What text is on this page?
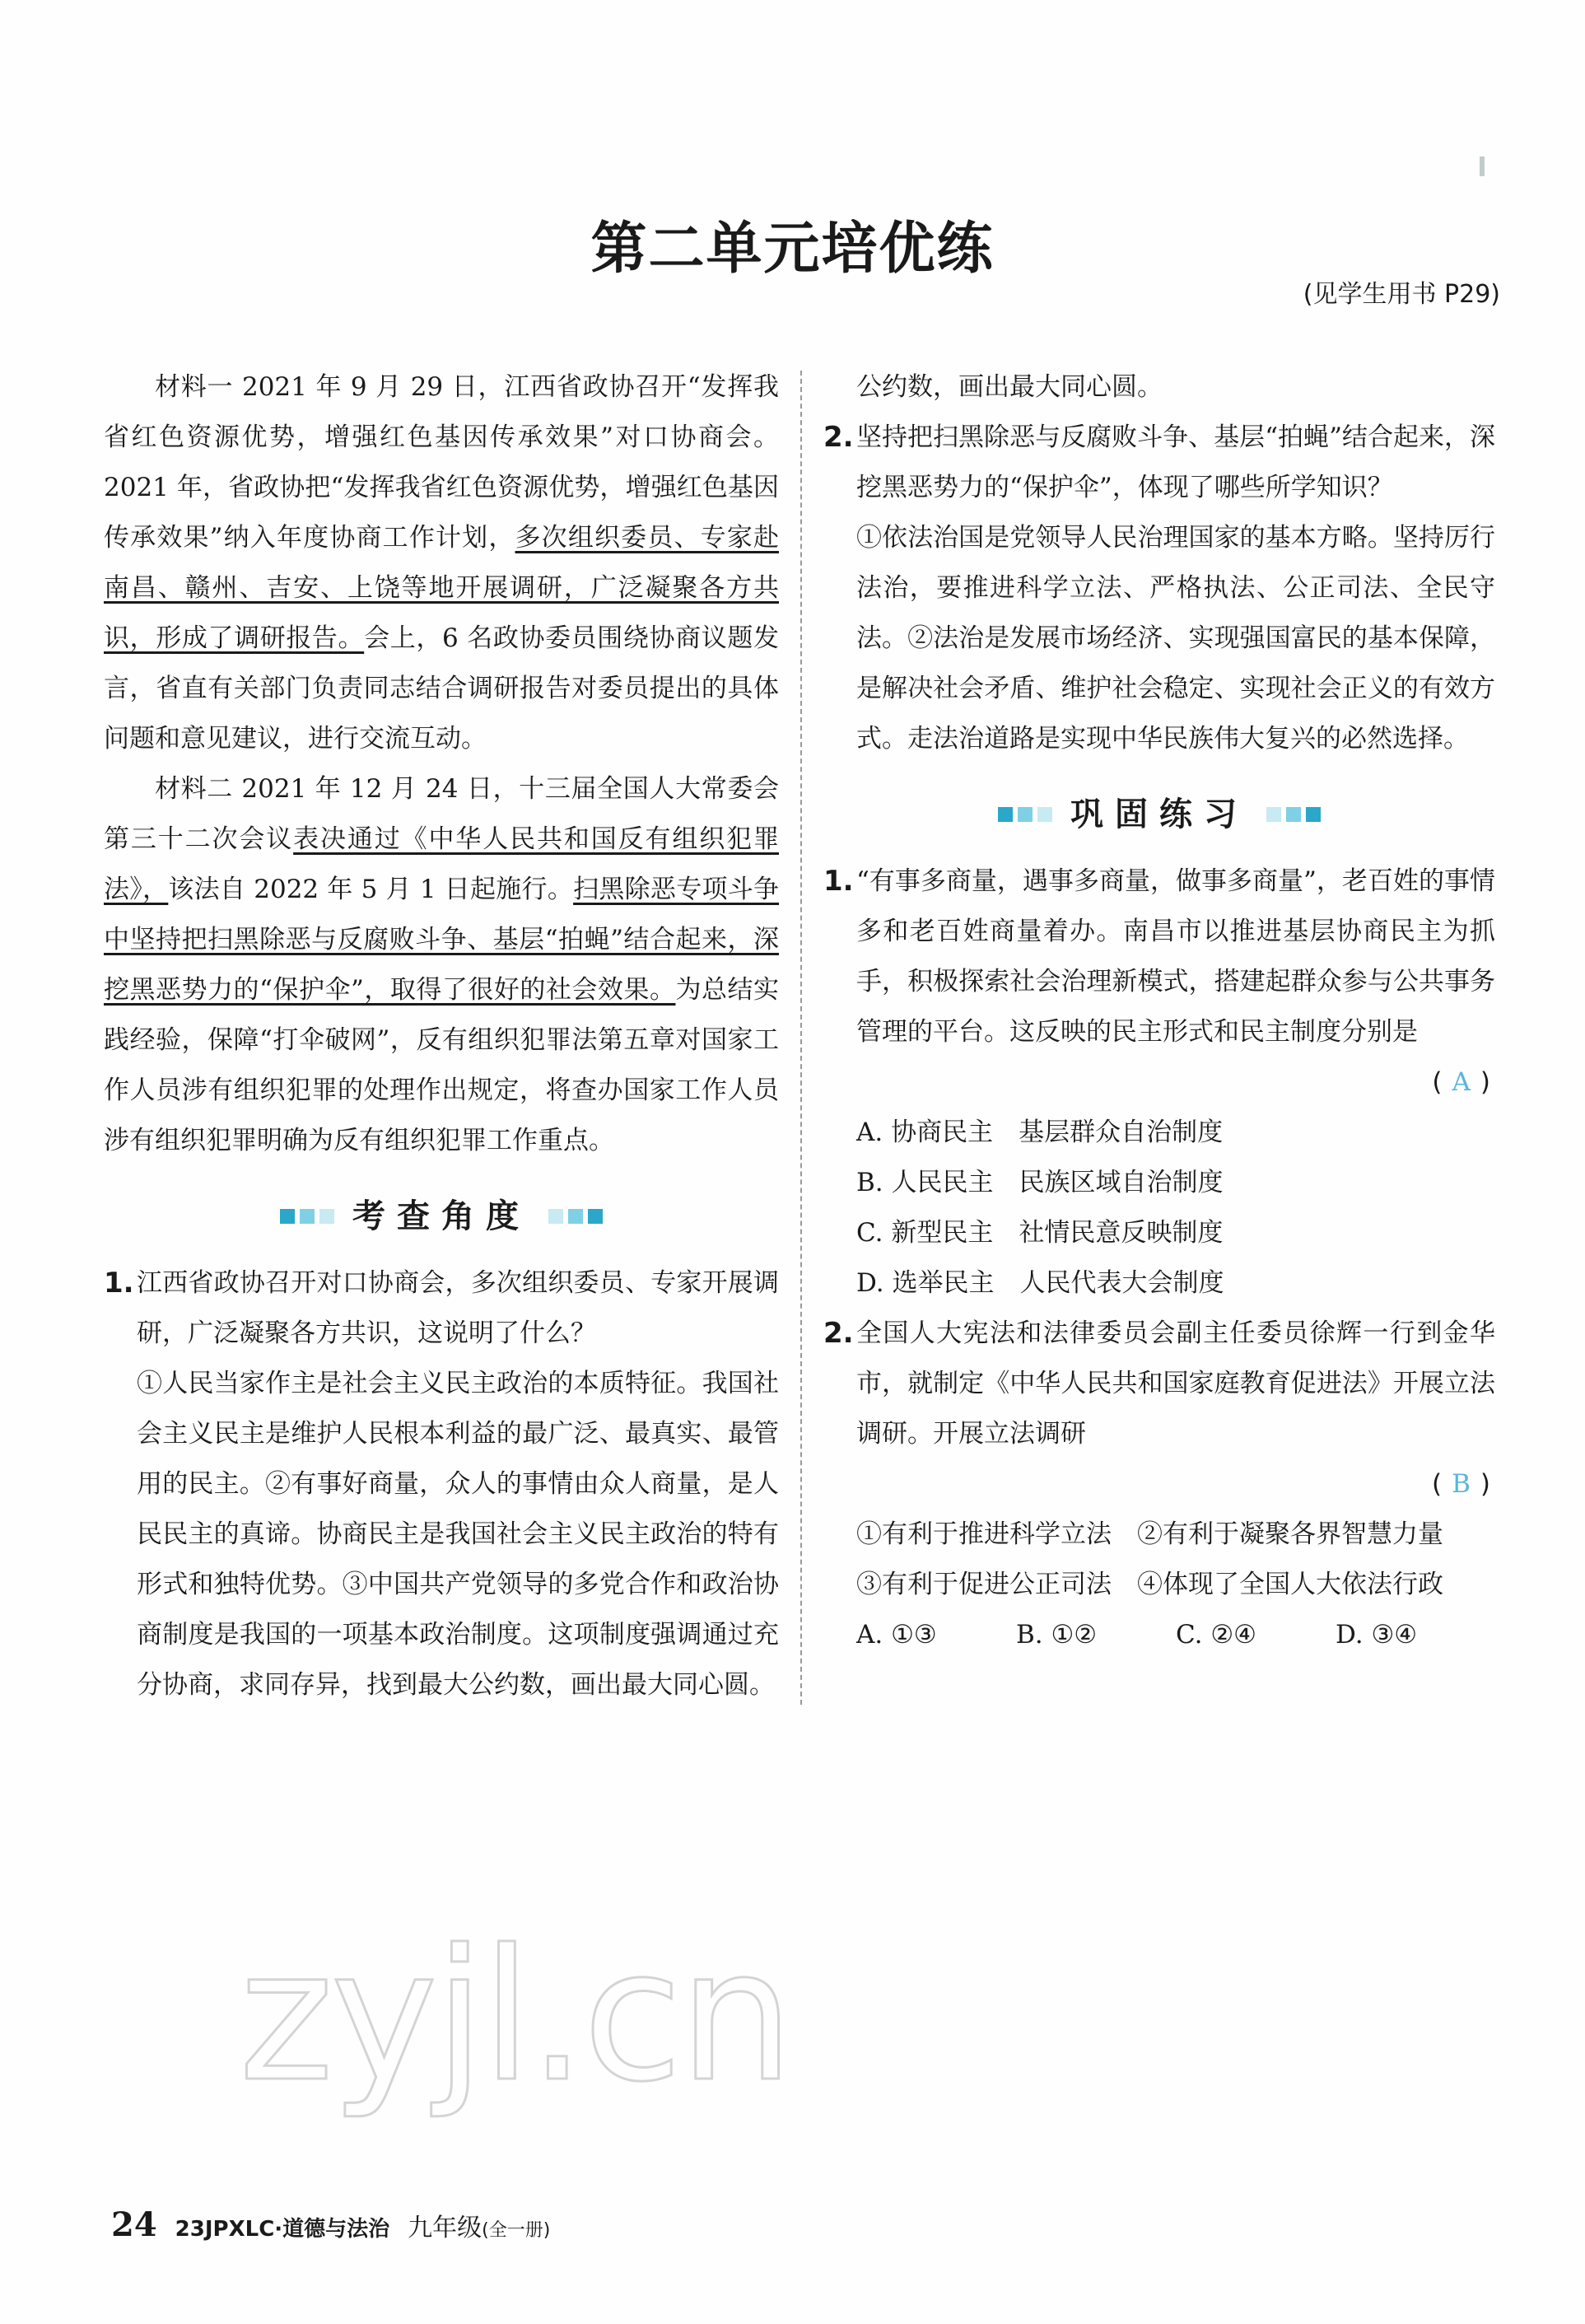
第二单元培优练
(见学生用书 P29)

材料一 2021 年 9 月 29 日，江西省政协召开“发挥我省红色资源优势，增强红色基因传承效果”对口协商会。2021 年，省政协把“发挥我省红色资源优势，增强红色基因传承效果”纳入年度协商工作计划，多次组织委员、专家赴南昌、赣州、吉安、上饶等地开展调研，广泛凝聚各方共识，形成了调研报告。会上，6 名政协委员围绕协商议题发言，省直有关部门负责同志结合调研报告对委员提出的具体问题和意见建议，进行交流互动。

材料二 2021 年 12 月 24 日，十三届全国人大常委会第三十二次会议表决通过《中华人民共和国反有组织犯罪法》，该法自 2022 年 5 月 1 日起施行。扫黑除恶专项斗争中坚持把扫黑除恶与反腐败斗争、基层“拍蝇”结合起来，深挖黑恶势力的“保护伞”，取得了很好的社会效果。为总结实践经验，保障“打伞破网”，反有组织犯罪法第五章对国家工作人员涉有组织犯罪的处理作出规定，将查办国家工作人员涉有组织犯罪明确为反有组织犯罪工作重点。

考查角度
1. 江西省政协召开对口协商会，多次组织委员、专家开展调研，广泛凝聚各方共识，这说明了什么？
①人民当家作主是社会主义民主政治的本质特征。我国社会主义民主是维护人民根本利益的最广泛、最真实、最管用的民主。②有事好商量，众人的事情由众人商量，是人民民主的真谛。协商民主是我国社会主义民主政治的特有形式和独特优势。③中国共产党领导的多党合作和政治协商制度是我国的一项基本政治制度。这项制度强调通过充分协商，求同存异，找到最大公约数，画出最大同心圆。
公约数，画出最大同心圆。
2. 坚持把扫黑除恶与反腐败斗争、基层“拍蝇”结合起来，深挖黑恶势力的“保护伞”，体现了哪些所学知识？
①依法治国是党领导人民治理国家的基本方略。坚持厉行法治，要推进科学立法、严格执法、公正司法、全民守法。②法治是发展市场经济、实现强国富民的基本保障，是解决社会矛盾、维护社会稳定、实现社会正义的有效方式。走法治道路是实现中华民族伟大复兴的必然选择。
巩固练习
1. “有事多商量，遇事多商量，做事多商量”，老百姓的事情多和老百姓商量着办。南昌市以推进基层协商民主为抓手，积极探索社会治理新模式，搭建起群众参与公共事务管理的平台。这反映的民主形式和民主制度分别是
( A )

A. 协商民主　基层群众自治制度

B. 人民民主　民族区域自治制度

C. 新型民主　社情民意反映制度

D. 选举民主　人民代表大会制度

2. 全国人大宪法和法律委员会副主任委员徐辉一行到金华市，就制定《中华人民共和国家庭教育促进法》开展立法调研。开展立法调研
( B )

①有利于推进科学立法　②有利于凝聚各界智慧力量

③有利于促进公正司法　④体现了全国人大依法行政

A. ①③	B. ①②	C. ②④	D. ③④
zyjl.cn
24 23JPXLC·道德与法治 九年级(全一册)
